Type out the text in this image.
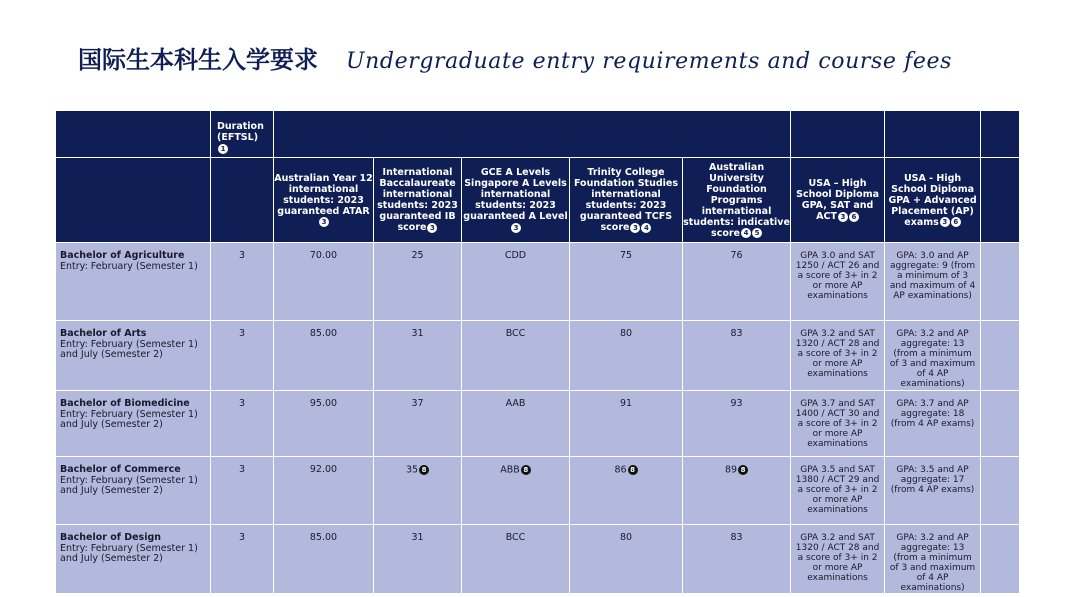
国际生本科生入学要求 Undergraduate entry requirements and course fees
	Duration (EFTSL)1								
		Australian Year 12 international students: 2023 guaranteed ATAR3	International Baccalaureate international students: 2023 guaranteed IB score 3	GCE A Levels Singapore A Levels international students: 2023 guaranteed A Level3	Trinity College Foundation Studies international students: 2023 guaranteed TCFS score 3 4	Australian University Foundation Programs international students: indicative score 4 5	USA – High School Diploma GPA, SAT and ACT 3 6	USA - High School Diploma GPA + Advanced Placement (AP) exams 3 6	

Bachelor of Agriculture
Entry: February (Semester 1)	3	70.00	25	CDD	75	76	GPA 3.0 and SAT 1250 / ACT 26 and a score of 3+ in 2 or more AP examinations	GPA: 3.0 and AP aggregate: 9 (from a minimum of 3 and maximum of 4 AP examinations)	

Bachelor of Arts
Entry: February (Semester 1) and July (Semester 2)	3	85.00	31	BCC	80	83	GPA 3.2 and SAT 1320 / ACT 28 and a score of 3+ in 2 or more AP examinations	GPA: 3.2 and AP aggregate: 13 (from a minimum of 3 and maximum of 4 AP examinations)	

Bachelor of Biomedicine
Entry: February (Semester 1) and July (Semester 2)	3	95.00	37	AAB	91	93	GPA 3.7 and SAT 1400 / ACT 30 and a score of 3+ in 2 or more AP examinations	GPA: 3.7 and AP aggregate: 18 (from 4 AP exams)	

Bachelor of Commerce
Entry: February (Semester 1) and July (Semester 2)	3	92.00	35 8	ABB 8	86 8	89 8	GPA 3.5 and SAT 1380 / ACT 29 and a score of 3+ in 2 or more AP examinations	GPA: 3.5 and AP aggregate: 17 (from 4 AP exams)	

Bachelor of Design
Entry: February (Semester 1) and July (Semester 2)	3	85.00	31	BCC	80	83	GPA 3.2 and SAT 1320 / ACT 28 and a score of 3+ in 2 or more AP examinations	GPA: 3.2 and AP aggregate: 13 (from a minimum of 3 and maximum of 4 AP examinations)	
